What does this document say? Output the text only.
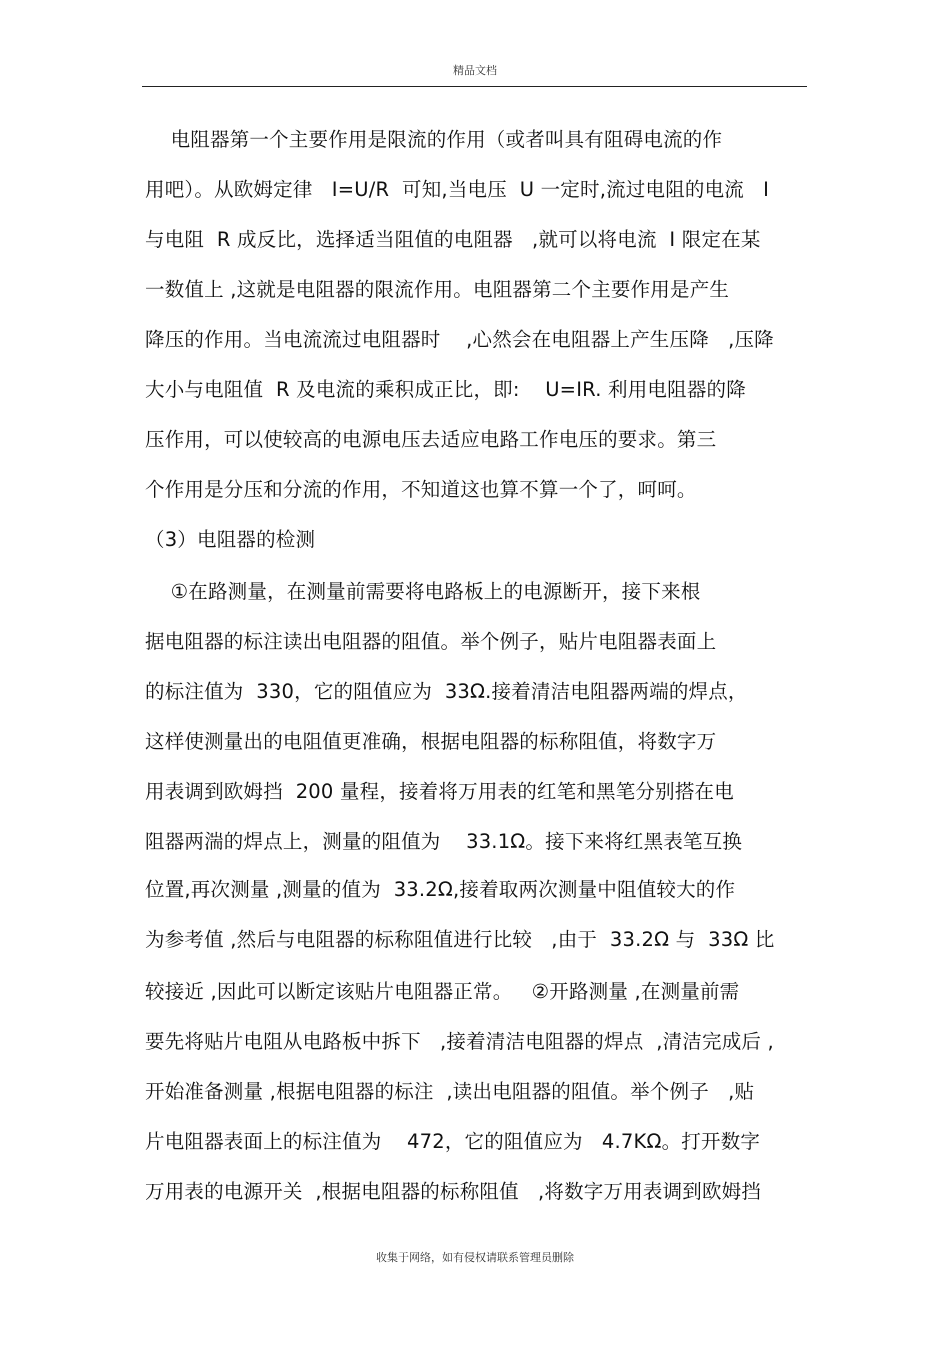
精品文档
电阻器第一个主要作用是限流的作用（或者叫具有阻碍电流的作
用吧）。从欧姆定律   I=U/R  可知,当电压  U 一定时,流过电阻的电流   I
与电阻  R 成反比，选择适当阻值的电阻器   ,就可以将电流  I 限定在某
一数值上 ,这就是电阻器的限流作用。电阻器第二个主要作用是产生
降压的作用。当电流流过电阻器时    ,心然会在电阻器上产生压降   ,压降
大小与电阻值  R 及电流的乘积成正比，即:    U=IR. 利用电阻器的降
压作用，可以使较高的电源电压去适应电路工作电压的要求。第三
个作用是分压和分流的作用，不知道这也算不算一个了，呵呵。
（3）电阻器的检测
①在路测量，在测量前需要将电路板上的电源断开，接下来根
据电阻器的标注读出电阻器的阻值。举个例子，贴片电阻器表面上
的标注值为  330，它的阻值应为  33Ω.接着清洁电阻器两端的焊点，
这样使测量出的电阻值更准确，根据电阻器的标称阻值，将数字万
用表调到欧姆挡  200 量程，接着将万用表的红笔和黑笔分别搭在电
阻器两湍的焊点上，测量的阻值为    33.1Ω。接下来将红黑表笔互换
位置,再次测量 ,测量的值为  33.2Ω,接着取两次测量中阻值较大的作
为参考值 ,然后与电阻器的标称阻值进行比较   ,由于  33.2Ω 与  33Ω 比
较接近 ,因此可以断定该贴片电阻器正常。   ②开路测量 ,在测量前需
要先将贴片电阻从电路板中拆下   ,接着清洁电阻器的焊点  ,清洁完成后 ,
开始准备测量 ,根据电阻器的标注  ,读出电阻器的阻值。举个例子   ,贴
片电阻器表面上的标注值为    472，它的阻值应为   4.7KΩ。打开数字
万用表的电源开关  ,根据电阻器的标称阻值   ,将数字万用表调到欧姆挡
收集于网络，如有侵权请联系管理员删除
